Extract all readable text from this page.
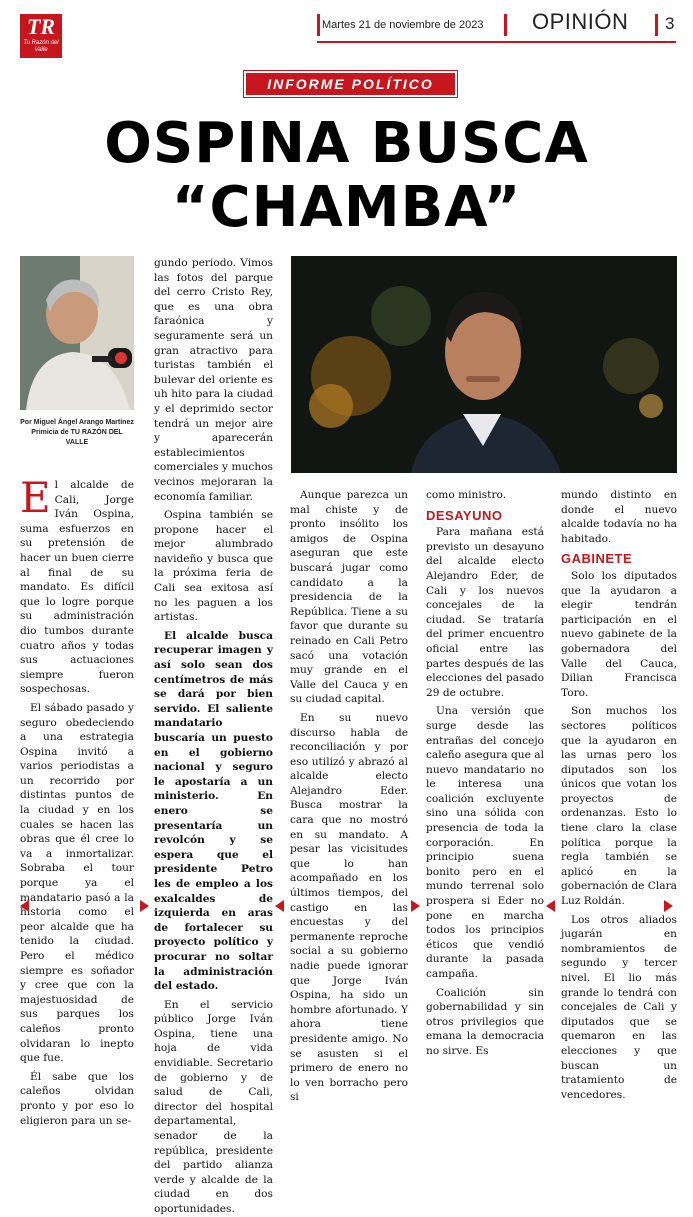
TR
Tu Razón del Valle
Martes 21 de noviembre de 2023 OPINIÓN 3
INFORME POLÍTICO
OSPINA BUSCA
“CHAMBA”
Por Miguel Ángel Arango Martínez
Primicia de TU RAZÓN DEL VALLE

El alcalde de Cali, Jorge Iván Ospina, suma esfuerzos en su pretensión de hacer un buen cierre al final de su mandato. Es difícil que lo logre porque su administración dio tumbos durante cuatro años y todas sus actuaciones siempre fueron sospechosas.

El sábado pasado y seguro obedeciendo a una estrategia Ospina invitó a varios periodistas a un recorrido por distintas puntos de la ciudad y en los cuales se hacen las obras que él cree lo va a inmortalizar. Sobraba el tour porque ya el mandatario pasó a la historia como el peor alcalde que ha tenido la ciudad. Pero el médico siempre es soñador y cree que con la majestuosidad de sus parques los caleños pronto olvidaran lo inepto que fue.

Él sabe que los caleños olvidan pronto y por eso lo eligieron para un se-

gundo periodo. Vimos las fotos del parque del cerro Cristo Rey, que es una obra faraónica y seguramente será un gran atractivo para turistas también el bulevar del oriente es uh hito para la ciudad y el deprimido sector tendrá un mejor aire y aparecerán establecimientos comerciales y muchos vecinos mejoraran la economía familiar.

Ospina también se propone hacer el mejor alumbrado navideño y busca que la próxima feria de Cali sea exitosa así no les paguen a los artistas.

El alcalde busca recuperar imagen y así solo sean dos centímetros de más se dará por bien servido. El saliente mandatario buscaría un puesto en el gobierno nacional y seguro le apostaría a un ministerio. En enero se presentaría un revolcón y se espera que el presidente Petro les de empleo a los exalcaldes de izquierda en aras de fortalecer su proyecto político y procurar no soltar la administración del estado.

En el servicio público Jorge Iván Ospina, tiene una hoja de vida envidiable. Secretario de gobierno y de salud de Cali, director del hospital departamental, senador de la república, presidente del partido alianza verde y alcalde de la ciudad en dos oportunidades.

Aunque parezca un mal chiste y de pronto insólito los amigos de Ospina aseguran que este buscará jugar como candidato a la presidencia de la República. Tiene a su favor que durante su reinado en Cali Petro sacó una votación muy grande en el Valle del Cauca y en su ciudad capital.

En su nuevo discurso habla de reconciliación y por eso utilizó y abrazó al alcalde electo Alejandro Eder. Busca mostrar la cara que no mostró en su mandato. A pesar las vicisitudes que lo han acompañado en los últimos tiempos, del castigo en las encuestas y del permanente reproche social a su gobierno nadie puede ignorar que Jorge Iván Ospina, ha sido un hombre afortunado. Y ahora tiene presidente amigo. No se asusten si el primero de enero no lo ven borracho pero si

como ministro.

DESAYUNO

Para mañana está previsto un desayuno del alcalde electo Alejandro Eder, de Cali y los nuevos concejales de la ciudad. Se trataría del primer encuentro oficial entre las partes después de las elecciones del pasado 29 de octubre.

Una versión que surge desde las entrañas del concejo caleño asegura que al nuevo mandatario no le interesa una coalición excluyente sino una sólida con presencia de toda la corporación. En principio suena bonito pero en el mundo terrenal solo prospera si Eder no pone en marcha todos los principios éticos que vendió durante la pasada campaña.

Coalición sin gobernabilidad y sin otros privilegios que emana la democracia no sirve. Es

mundo distinto en donde el nuevo alcalde todavía no ha habitado.

GABINETE

Solo los diputados que la ayudaron a elegir tendrán participación en el nuevo gabinete de la gobernadora del Valle del Cauca, Dilian Francisca Toro.

Son muchos los sectores políticos que la ayudaron en las urnas pero los diputados son los únicos que votan los proyectos de ordenanzas. Esto lo tiene claro la clase política porque la regla también se aplicó en la gobernación de Clara Luz Roldán.

Los otros aliados jugarán en nombramientos de segundo y tercer nivel. El lio más grande lo tendrá con concejales de Cali y diputados que se quemaron en las elecciones y que buscan un tratamiento de vencedores.
